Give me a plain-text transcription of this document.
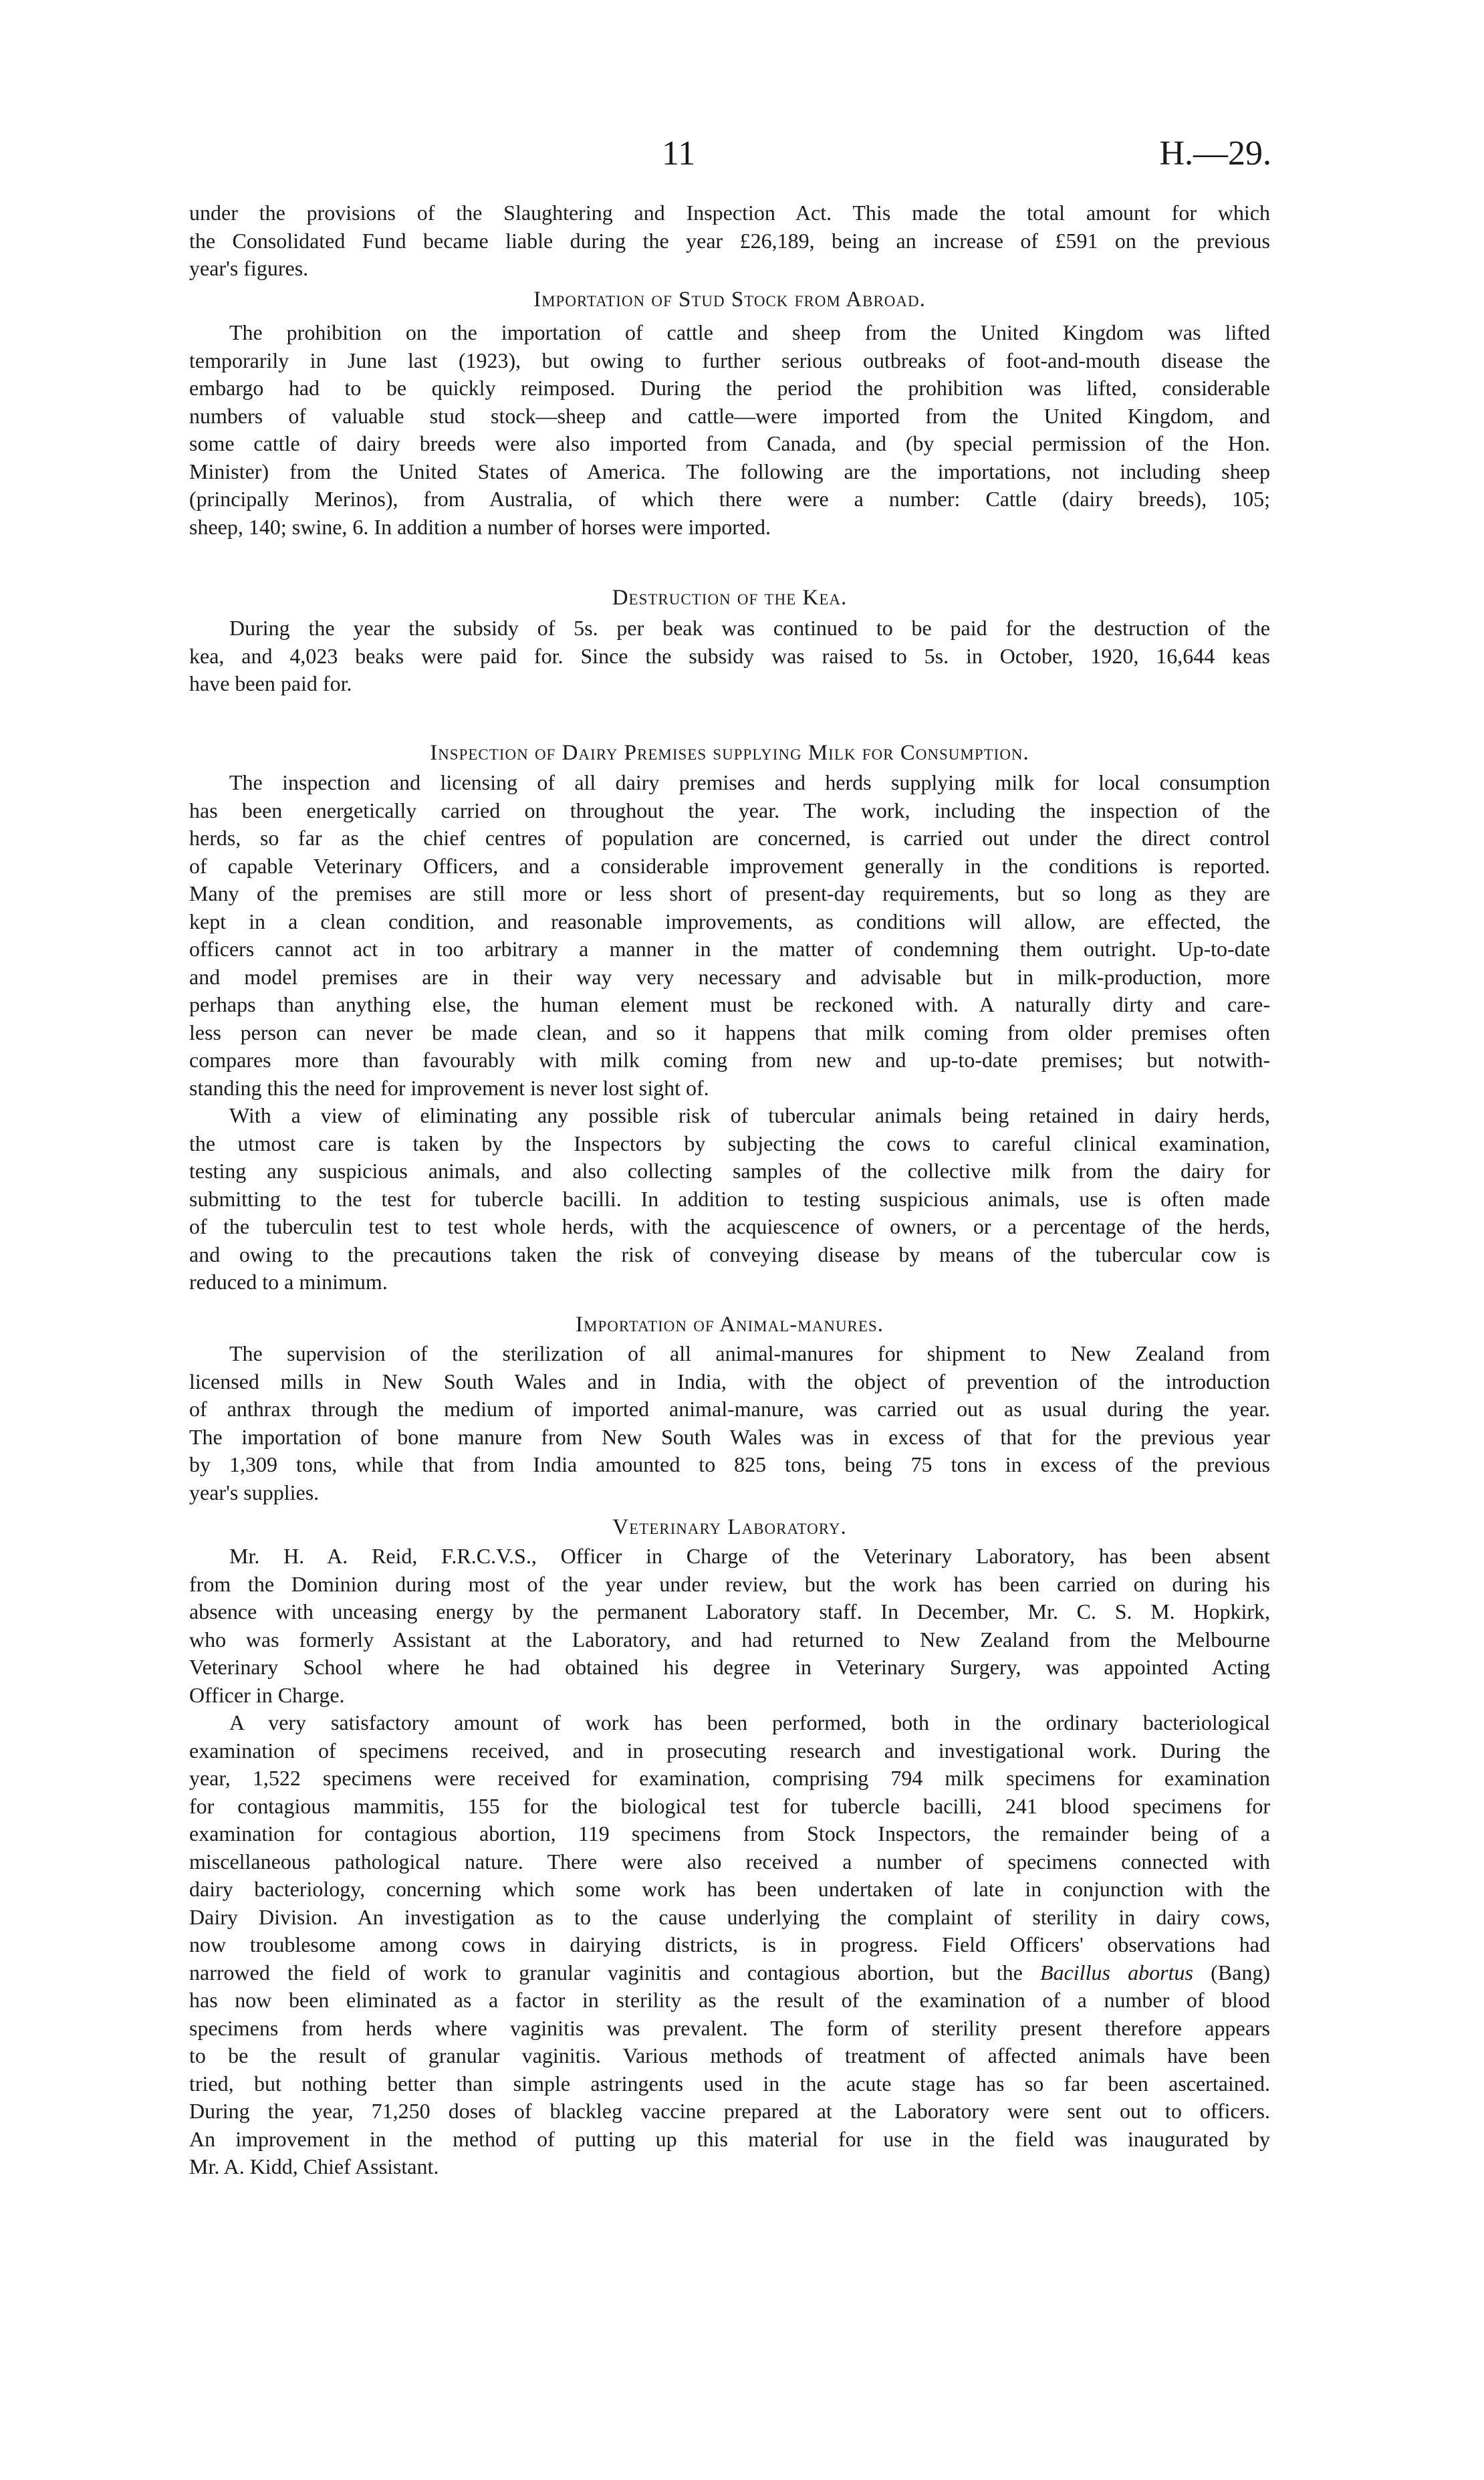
11	H.—29.
Importation of Stud Stock from Abroad.
Destruction of the Kea.
Inspection of Dairy Premises supplying Milk for Consumption.
Importation of Animal-manures.
Veterinary Laboratory.
under the provisions of the Slaughtering and Inspection Act. This made the total amount for which
the Consolidated Fund became liable during the year £26,189, being an increase of £591 on the previous
year's figures.
The prohibition on the importation of cattle and sheep from the United Kingdom was lifted
temporarily in June last (1923), but owing to further serious outbreaks of foot-and-mouth disease the
embargo had to be quickly reimposed. During the period the prohibition was lifted, considerable
numbers of valuable stud stock—sheep and cattle—were imported from the United Kingdom, and
some cattle of dairy breeds were also imported from Canada, and (by special permission of the Hon.
Minister) from the United States of America. The following are the importations, not including sheep
(principally Merinos), from Australia, of which there were a number: Cattle (dairy breeds), 105;
sheep, 140; swine, 6. In addition a number of horses were imported.
During the year the subsidy of 5s. per beak was continued to be paid for the destruction of the
kea, and 4,023 beaks were paid for. Since the subsidy was raised to 5s. in October, 1920, 16,644 keas
have been paid for.
The inspection and licensing of all dairy premises and herds supplying milk for local consumption
has been energetically carried on throughout the year. The work, including the inspection of the
herds, so far as the chief centres of population are concerned, is carried out under the direct control
of capable Veterinary Officers, and a considerable improvement generally in the conditions is reported.
Many of the premises are still more or less short of present-day requirements, but so long as they are
kept in a clean condition, and reasonable improvements, as conditions will allow, are effected, the
officers cannot act in too arbitrary a manner in the matter of condemning them outright. Up-to-date
and model premises are in their way very necessary and advisable but in milk-production, more
perhaps than anything else, the human element must be reckoned with. A naturally dirty and care-
less person can never be made clean, and so it happens that milk coming from older premises often
compares more than favourably with milk coming from new and up-to-date premises; but notwith-
standing this the need for improvement is never lost sight of.
With a view of eliminating any possible risk of tubercular animals being retained in dairy herds,
the utmost care is taken by the Inspectors by subjecting the cows to careful clinical examination,
testing any suspicious animals, and also collecting samples of the collective milk from the dairy for
submitting to the test for tubercle bacilli. In addition to testing suspicious animals, use is often made
of the tuberculin test to test whole herds, with the acquiescence of owners, or a percentage of the herds,
and owing to the precautions taken the risk of conveying disease by means of the tubercular cow is
reduced to a minimum.
The supervision of the sterilization of all animal-manures for shipment to New Zealand from
licensed mills in New South Wales and in India, with the object of prevention of the introduction
of anthrax through the medium of imported animal-manure, was carried out as usual during the year.
The importation of bone manure from New South Wales was in excess of that for the previous year
by 1,309 tons, while that from India amounted to 825 tons, being 75 tons in excess of the previous
year's supplies.
Mr. H. A. Reid, F.R.C.V.S., Officer in Charge of the Veterinary Laboratory, has been absent
from the Dominion during most of the year under review, but the work has been carried on during his
absence with unceasing energy by the permanent Laboratory staff. In December, Mr. C. S. M. Hopkirk,
who was formerly Assistant at the Laboratory, and had returned to New Zealand from the Melbourne
Veterinary School where he had obtained his degree in Veterinary Surgery, was appointed Acting
Officer in Charge.
A very satisfactory amount of work has been performed, both in the ordinary bacteriological
examination of specimens received, and in prosecuting research and investigational work. During the
year, 1,522 specimens were received for examination, comprising 794 milk specimens for examination
for contagious mammitis, 155 for the biological test for tubercle bacilli, 241 blood specimens for
examination for contagious abortion, 119 specimens from Stock Inspectors, the remainder being of a
miscellaneous pathological nature. There were also received a number of specimens connected with
dairy bacteriology, concerning which some work has been undertaken of late in conjunction with the
Dairy Division. An investigation as to the cause underlying the complaint of sterility in dairy cows,
now troublesome among cows in dairying districts, is in progress. Field Officers' observations had
narrowed the field of work to granular vaginitis and contagious abortion, but the Bacillus abortus (Bang)
has now been eliminated as a factor in sterility as the result of the examination of a number of blood
specimens from herds where vaginitis was prevalent. The form of sterility present therefore appears
to be the result of granular vaginitis. Various methods of treatment of affected animals have been
tried, but nothing better than simple astringents used in the acute stage has so far been ascertained.
During the year, 71,250 doses of blackleg vaccine prepared at the Laboratory were sent out to officers.
An improvement in the method of putting up this material for use in the field was inaugurated by
Mr. A. Kidd, Chief Assistant.
